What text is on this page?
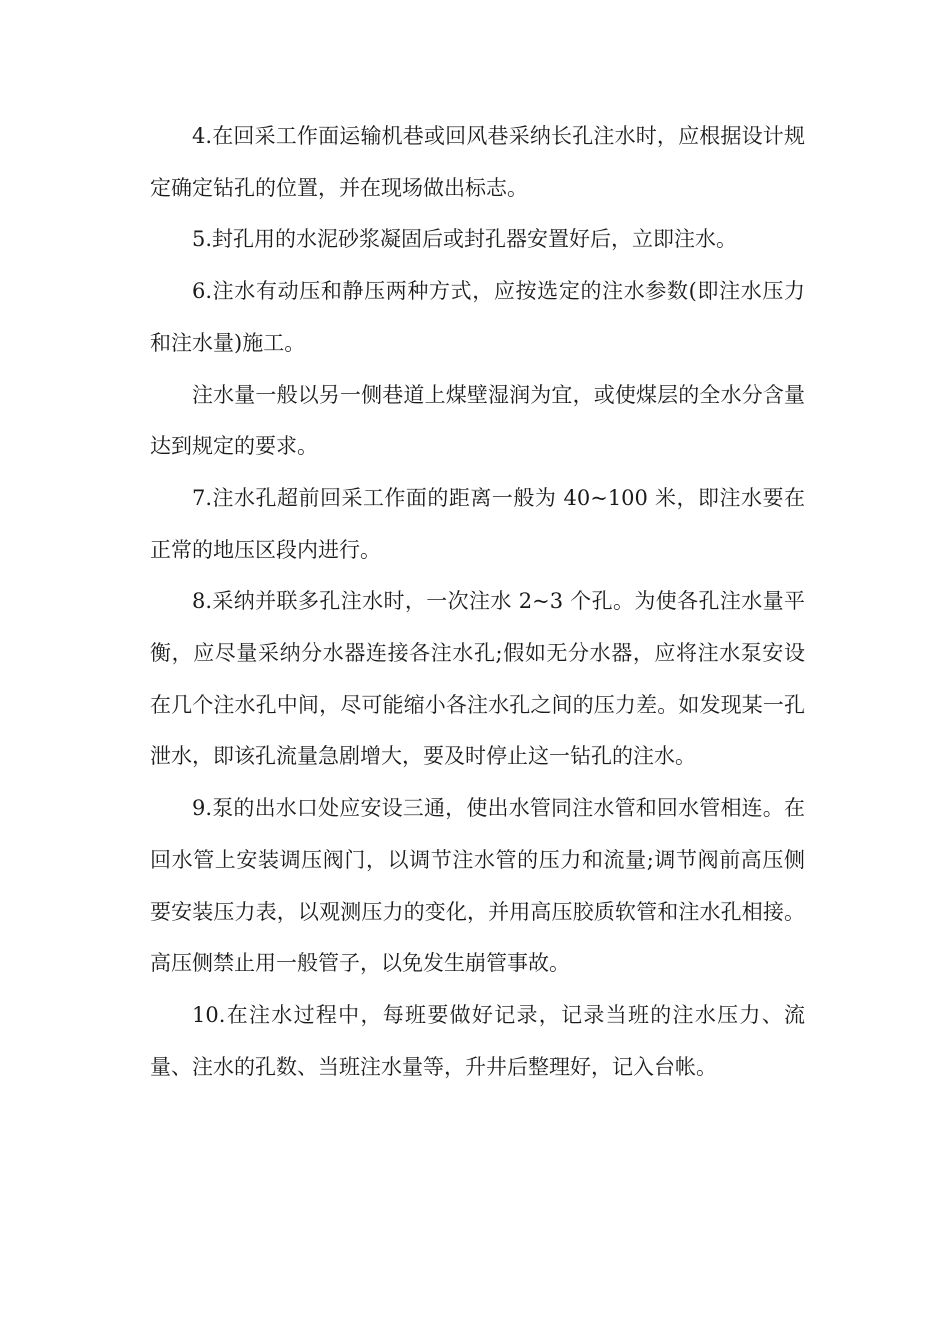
4.在回采工作面运输机巷或回风巷采纳长孔注水时，应根据设计规定确定钻孔的位置，并在现场做出标志。

5.封孔用的水泥砂浆凝固后或封孔器安置好后，立即注水。

6.注水有动压和静压两种方式，应按选定的注水参数(即注水压力和注水量)施工。

注水量一般以另一侧巷道上煤壁湿润为宜，或使煤层的全水分含量达到规定的要求。

7.注水孔超前回采工作面的距离一般为 40~100 米，即注水要在正常的地压区段内进行。

8.采纳并联多孔注水时，一次注水 2~3 个孔。为使各孔注水量平衡，应尽量采纳分水器连接各注水孔;假如无分水器，应将注水泵安设在几个注水孔中间，尽可能缩小各注水孔之间的压力差。如发现某一孔泄水，即该孔流量急剧增大，要及时停止这一钻孔的注水。

9.泵的出水口处应安设三通，使出水管同注水管和回水管相连。在回水管上安装调压阀门，以调节注水管的压力和流量;调节阀前高压侧要安装压力表，以观测压力的变化，并用高压胶质软管和注水孔相接。高压侧禁止用一般管子，以免发生崩管事故。

10.在注水过程中，每班要做好记录，记录当班的注水压力、流量、注水的孔数、当班注水量等，升井后整理好，记入台帐。
